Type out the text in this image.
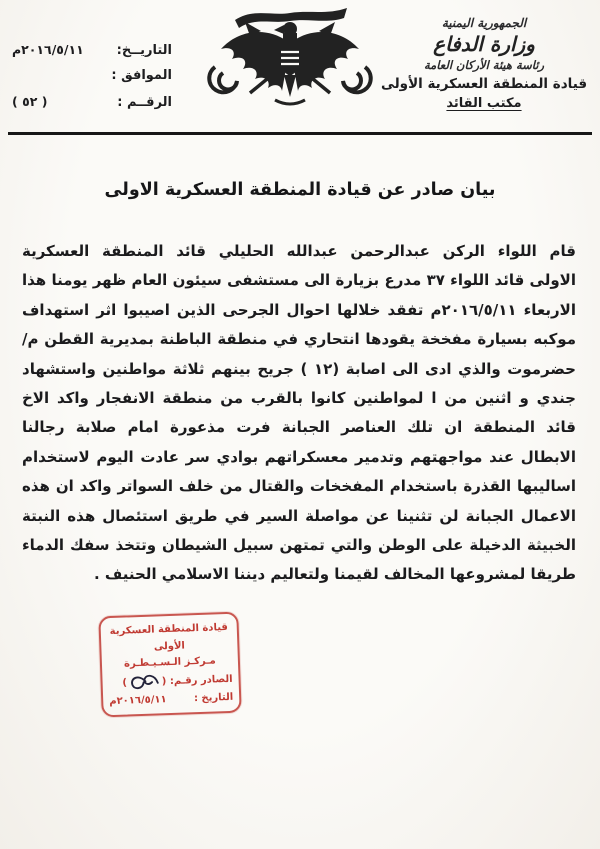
الجمهورية اليمنية
وزارة الدفاع
رئاسة هيئة الأركان العامة
قيادة المنطقة العسكرية الأولى
مكتب القائد
التاريــخ:
٢٠١٦/٥/١١م
الموافق :
الرقــم :
( ٥٢ )
بيان صادر عن قيادة المنطقة العسكرية الاولى
قام اللواء الركن عبدالرحمن عبدالله الحليلي قائد المنطقة العسكرية
الاولى قائد اللواء ٣٧ مدرع بزيارة الى مستشفى سيئون العام ظهر يومنا هذا
الاربعاء ٢٠١٦/٥/١١م تفقد خلالها احوال الجرحى الذين اصيبوا اثر استهداف
موكبه بسيارة مفخخة يقودها انتحاري في منطقة الباطنة بمديرية القطن م/
حضرموت والذي ادى الى اصابة (١٢ ) جريح بينهم ثلاثة مواطنين واستشهاد
جندي و اثنين من ا لمواطنين كانوا بالقرب من منطقة الانفجار واكد الاخ
قائد المنطقة ان تلك العناصر الجبانة فرت مذعورة امام صلابة رجالنا
الابطال عند مواجهتهم وتدمير معسكراتهم بوادي سر عادت اليوم لاستخدام
اساليبها القذرة باستخدام المفخخات والقتال من خلف السواتر واكد ان هذه
الاعمال الجبانة لن تثنينا عن مواصلة السير في طريق استئصال هذه النبتة
الخبيثة الدخيلة على الوطن والتي تمتهن سبيل الشيطان وتتخذ سفك الدماء
طريقا لمشروعها المخالف لقيمنا ولتعاليم ديننا الاسلامي الحنيف .
قيادة المنطقة العسكرية الأولى
مـركـز الـسـيـطـرة
الصادر رقـم: (          )
التاريخ :
٢٠١٦/٥/١١م
